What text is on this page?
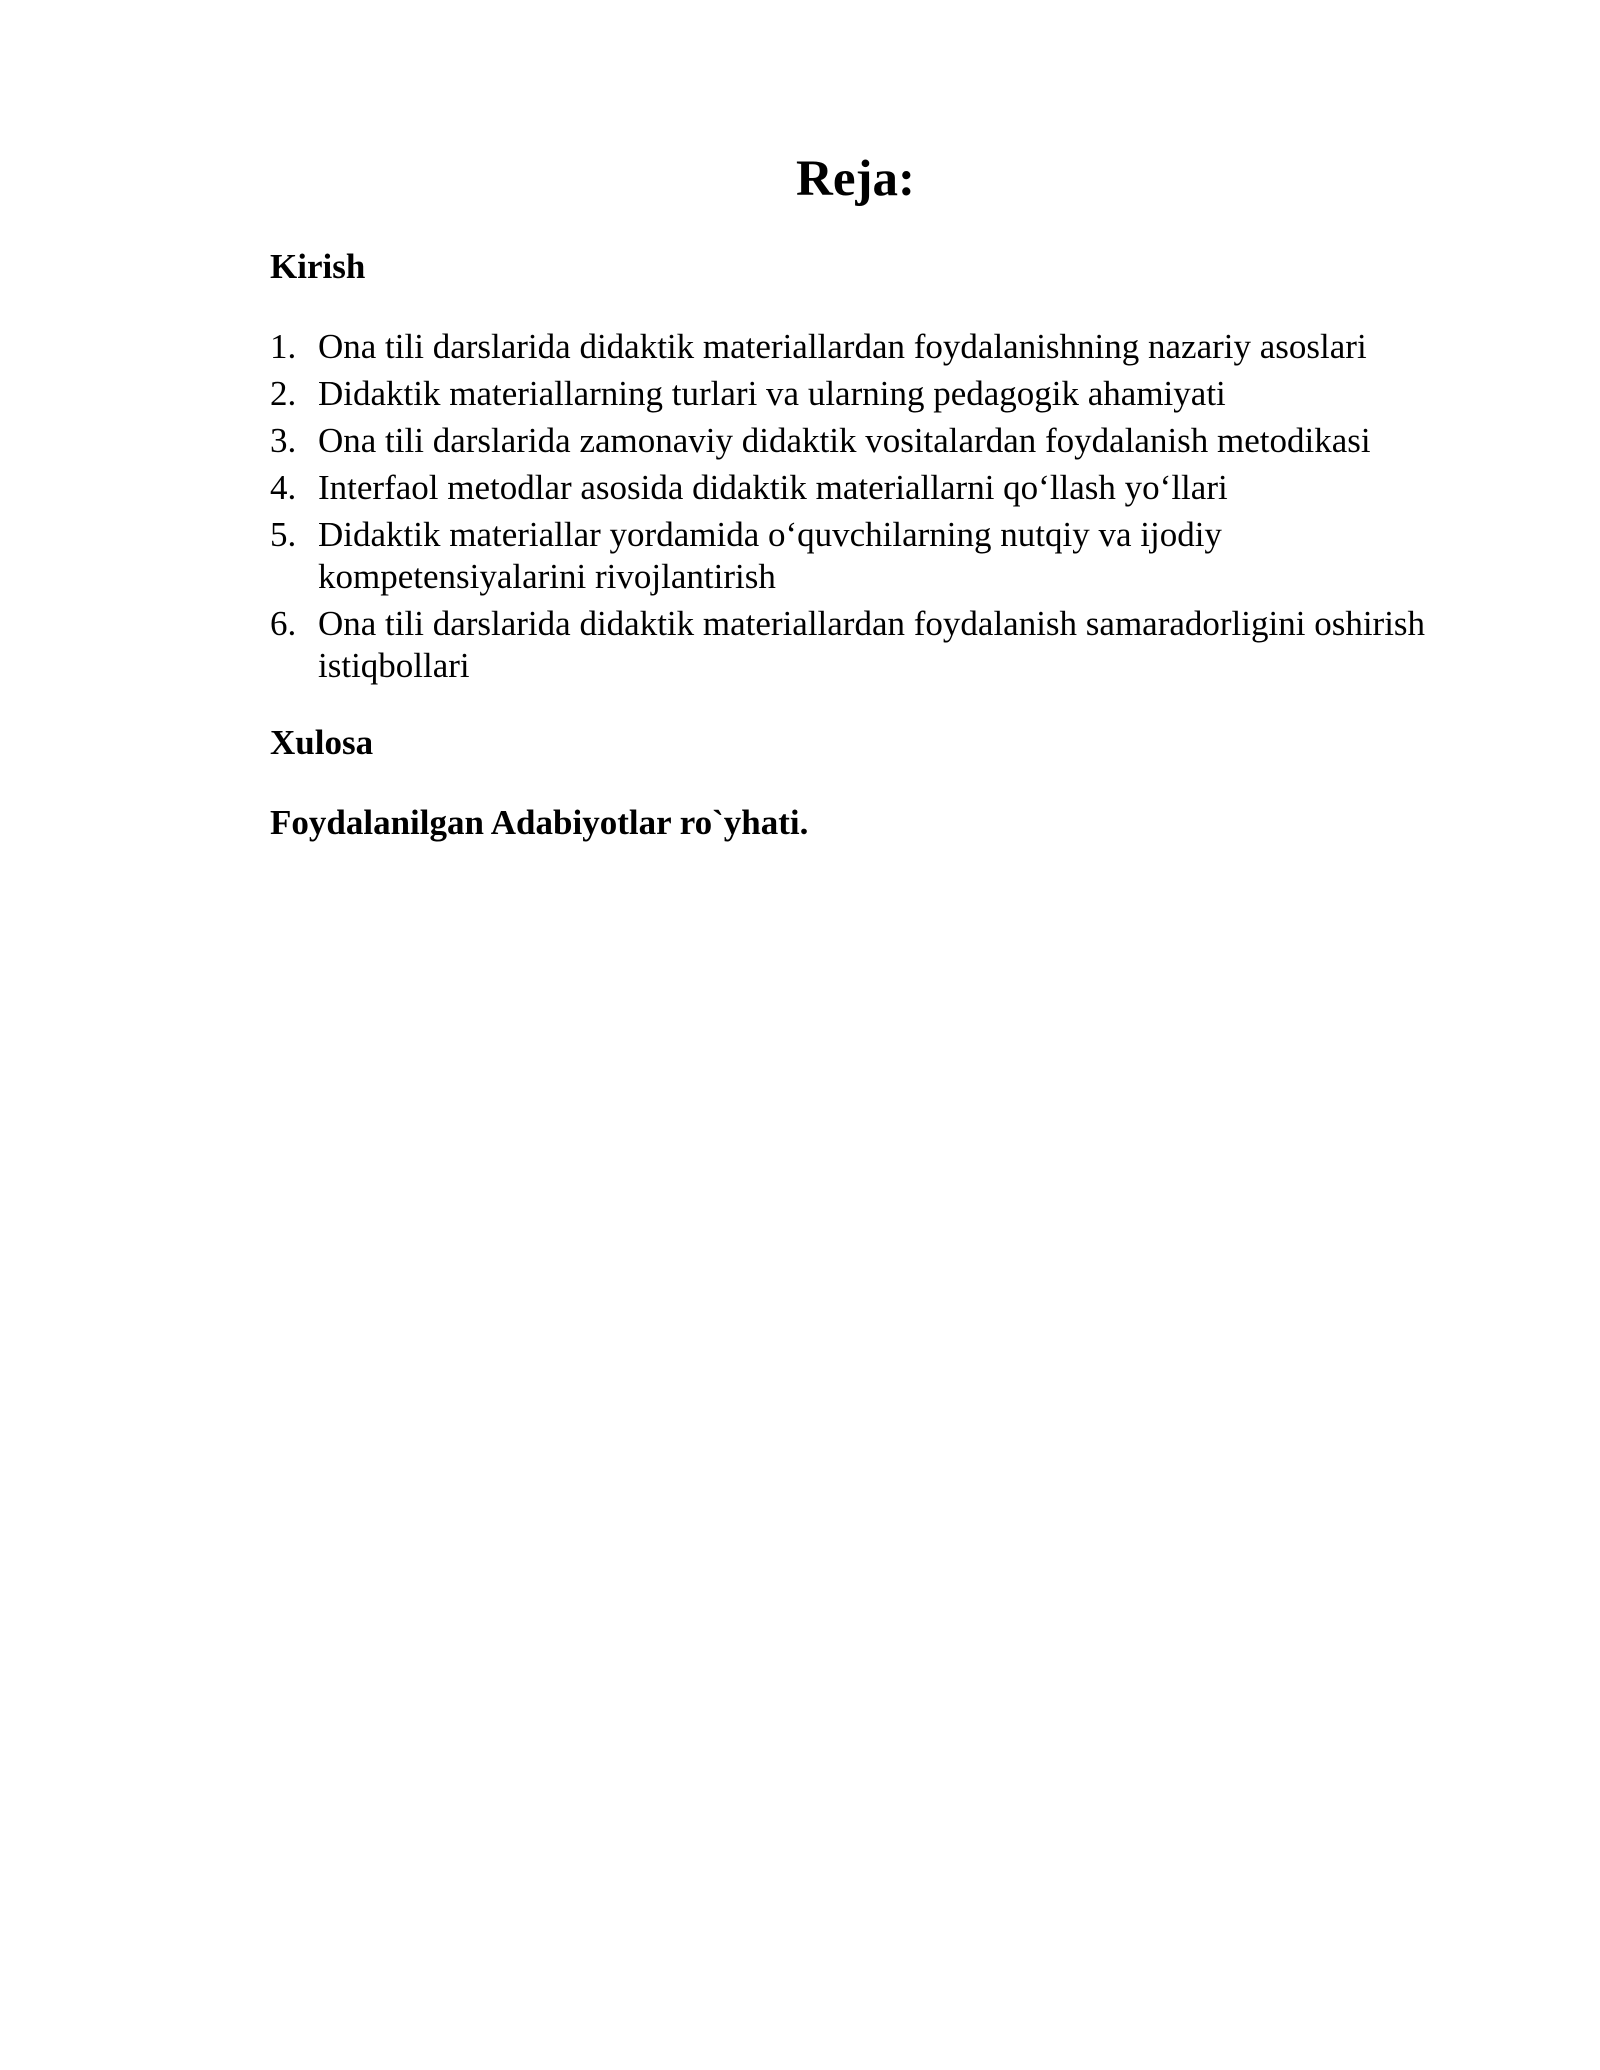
Reja:
Kirish
1. Ona tili darslarida didaktik materiallardan foydalanishning nazariy asoslari
2. Didaktik materiallarning turlari va ularning pedagogik ahamiyati
3. Ona tili darslarida zamonaviy didaktik vositalardan foydalanish metodikasi
4. Interfaol metodlar asosida didaktik materiallarni qo‘llash yo‘llari
5. Didaktik materiallar yordamida o‘quvchilarning nutqiy va ijodiy kompetensiyalarini rivojlantirish
6. Ona tili darslarida didaktik materiallardan foydalanish samaradorligini oshirish istiqbollari
Xulosa
Foydalanilgan Adabiyotlar ro`yhati.
